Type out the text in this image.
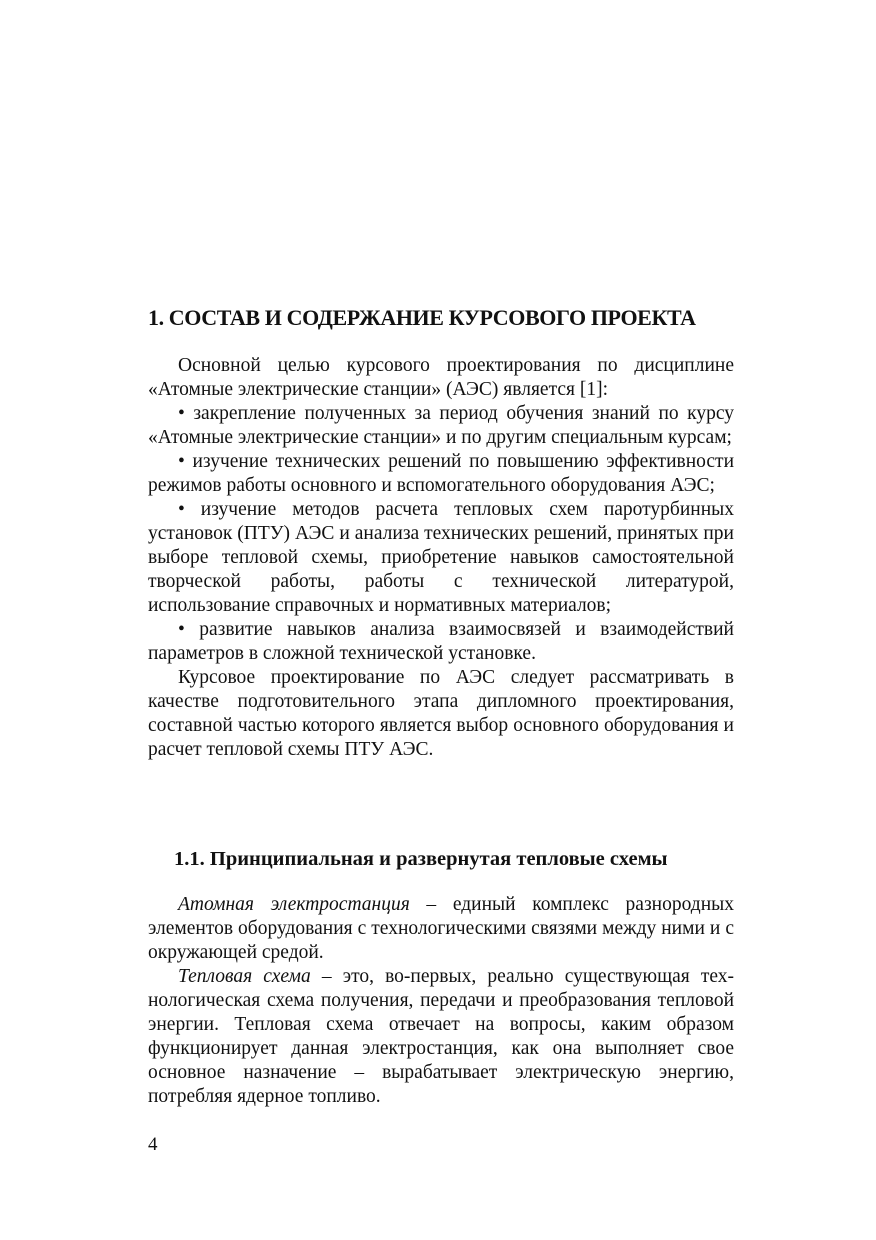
1. СОСТАВ И СОДЕРЖАНИЕ КУРСОВОГО ПРОЕКТА

Основной целью курсового проектирования по дисциплине «Атомные электрические станции» (АЭС) является [1]:

• закрепление полученных за период обучения знаний по курсу «Атомные электрические станции» и по другим специальным курсам;

• изучение технических решений по повышению эффективности режимов работы основного и вспомогательного оборудования АЭС;

• изучение методов расчета тепловых схем паротурбинных установок (ПТУ) АЭС и анализа технических решений, принятых при выборе тепловой схемы, приобретение навыков самостоятельной творческой работы, работы с технической литературой, использование справочных и нормативных материалов;

• развитие навыков анализа взаимосвязей и взаимодействий параметров в сложной технической установке.

Курсовое проектирование по АЭС следует рассматривать в качестве подготовительного этапа дипломного проектирования, составной частью которого является выбор основного оборудования и расчет тепловой схемы ПТУ АЭС.

1.1. Принципиальная и развернутая тепловые схемы

Атомная электростанция – единый комплекс разнородных элементов оборудования с технологическими связями между ними и с окружающей средой.

Тепловая схема – это, во-первых, реально существующая технологическая схема получения, передачи и преобразования тепловой энергии. Тепловая схема отвечает на вопросы, каким образом функционирует данная электростанция, как она выполняет свое основное назначение – вырабатывает электрическую энергию, потребляя ядерное топливо.

4
